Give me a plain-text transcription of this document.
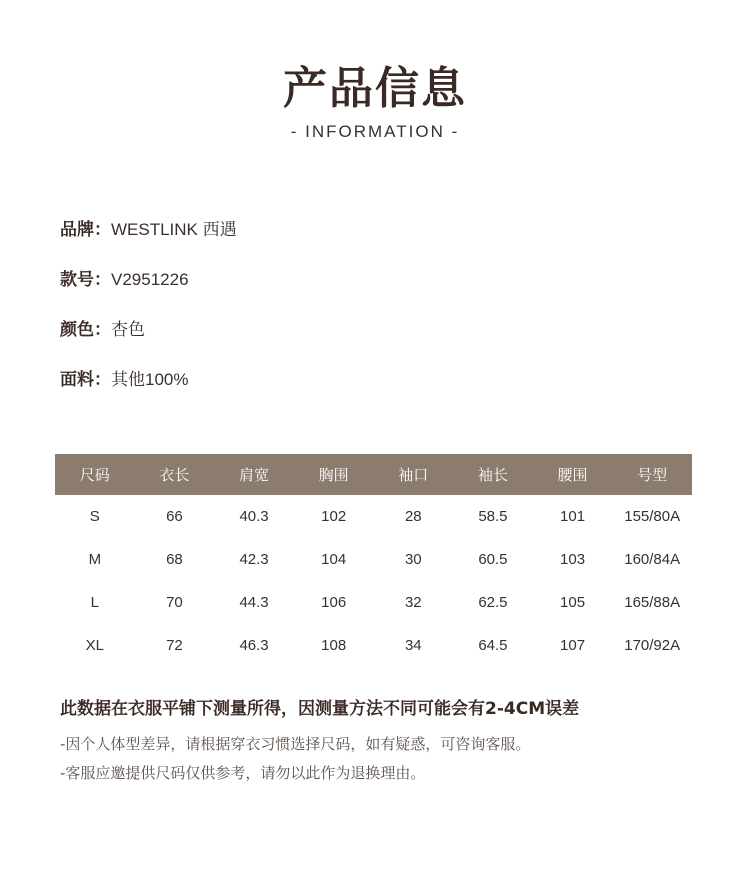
产品信息
- INFORMATION -
品牌：WESTLINK 西遇
款号：V2951226
颜色：杏色
面料：其他100%
尺码	衣长	肩宽	胸围	袖口	袖长	腰围	号型
S	66	40.3	102	28	58.5	101	155/80A
M	68	42.3	104	30	60.5	103	160/84A
L	70	44.3	106	32	62.5	105	165/88A
XL	72	46.3	108	34	64.5	107	170/92A
此数据在衣服平铺下测量所得，因测量方法不同可能会有2-4CM误差
-因个人体型差异，请根据穿衣习惯选择尺码，如有疑惑，可咨询客服。
-客服应邀提供尺码仅供参考，请勿以此作为退换理由。
